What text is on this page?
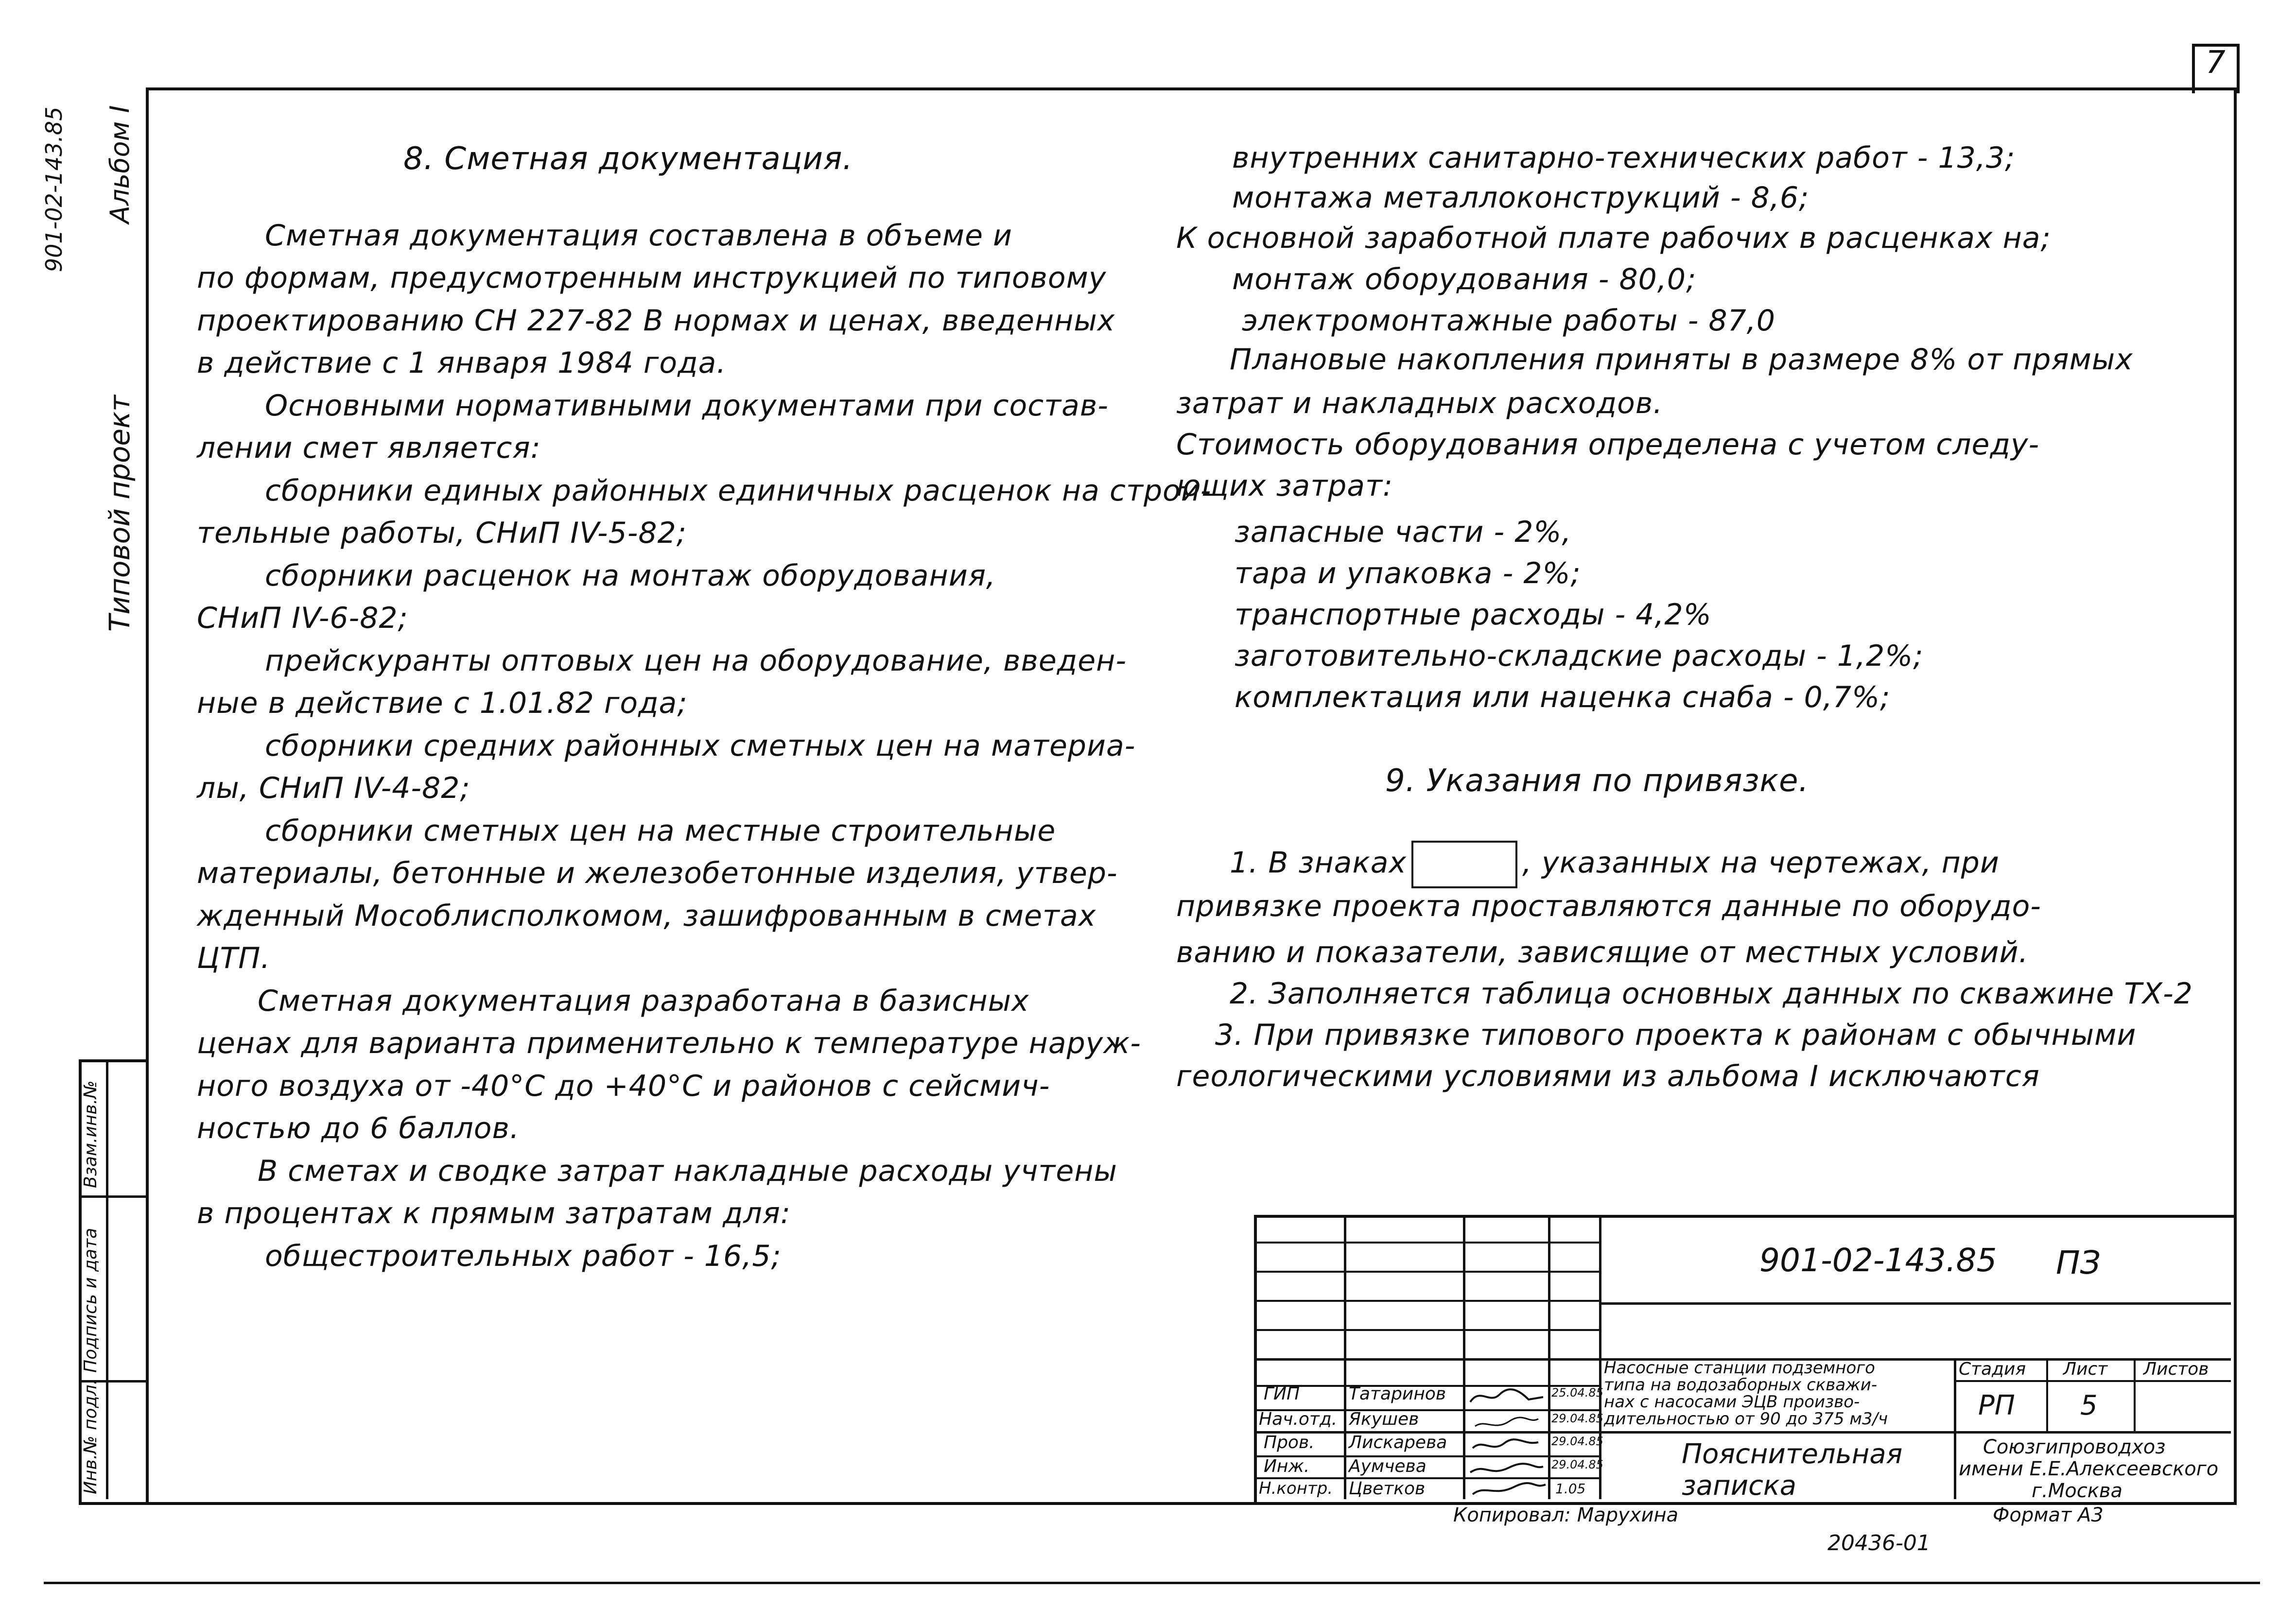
7
Альбом I
901-02-143.85
Типовой проект
Взам.инв.№
Подпись и дата
Инв.№ подл.
8. Сметная документация.
Сметная документация составлена в объеме и
по формам, предусмотренным инструкцией по типовому
проектированию СН 227-82 В нормах и ценах, введенных
в действие с 1 января 1984 года.
Основными нормативными документами при состав-
лении смет является:
сборники единых районных единичных расценок на строи-
тельные работы, СНиП IV-5-82;
сборники расценок на монтаж оборудования,
СНиП IV-6-82;
прейскуранты оптовых цен на оборудование, введен-
ные в действие с 1.01.82 года;
сборники средних районных сметных цен на материа-
лы, СНиП IV-4-82;
сборники сметных цен на местные строительные
материалы, бетонные и железобетонные изделия, утвер-
жденный Мособлисполкомом, зашифрованным в сметах
ЦТП.
Сметная документация разработана в базисных
ценах для варианта применительно к температуре наруж-
ного воздуха от -40°С до +40°С и районов с сейсмич-
ностью до 6 баллов.
В сметах и сводке затрат накладные расходы учтены
в процентах к прямым затратам для:
общестроительных работ - 16,5;
внутренних санитарно-технических работ - 13,3;
монтажа металлоконструкций - 8,6;
К основной заработной плате рабочих в расценках на;
монтаж оборудования - 80,0;
электромонтажные работы - 87,0
Плановые накопления приняты в размере 8% от прямых
затрат и накладных расходов.
Стоимость оборудования определена с учетом следу-
ющих затрат:
запасные части - 2%,
тара и упаковка - 2%;
транспортные расходы - 4,2%
заготовительно-складские расходы - 1,2%;
комплектация или наценка снаба - 0,7%;
9. Указания по привязке.
1. В знаках	, указанных на чертежах, при
привязке проекта проставляются данные по оборудо-
ванию и показатели, зависящие от местных условий.
2. Заполняется таблица основных данных по скважине ТХ-2
3. При привязке типового проекта к районам с обычными
геологическими условиями из альбома I исключаются
901-02-143.85 ПЗ
Насосные станции подземного
типа на водозаборных скважи-
нах с насосами ЭЦВ произво-
дительностью от 90 до 375 м3/ч
Стадия Лист Листов
РП 5
Пояснительная
записка
Союзгипроводхоз
имени Е.Е.Алексеевского
г.Москва
ГИП	Татаринов	25.04.85
Нач.отд. Якушев	29.04.85
Пров. Лискарева	29.04.85
Инж. Аумчева	29.04.85
Н.контр. Цветков	1.05
Копировал: Марухина	Формат А3
20436-01
